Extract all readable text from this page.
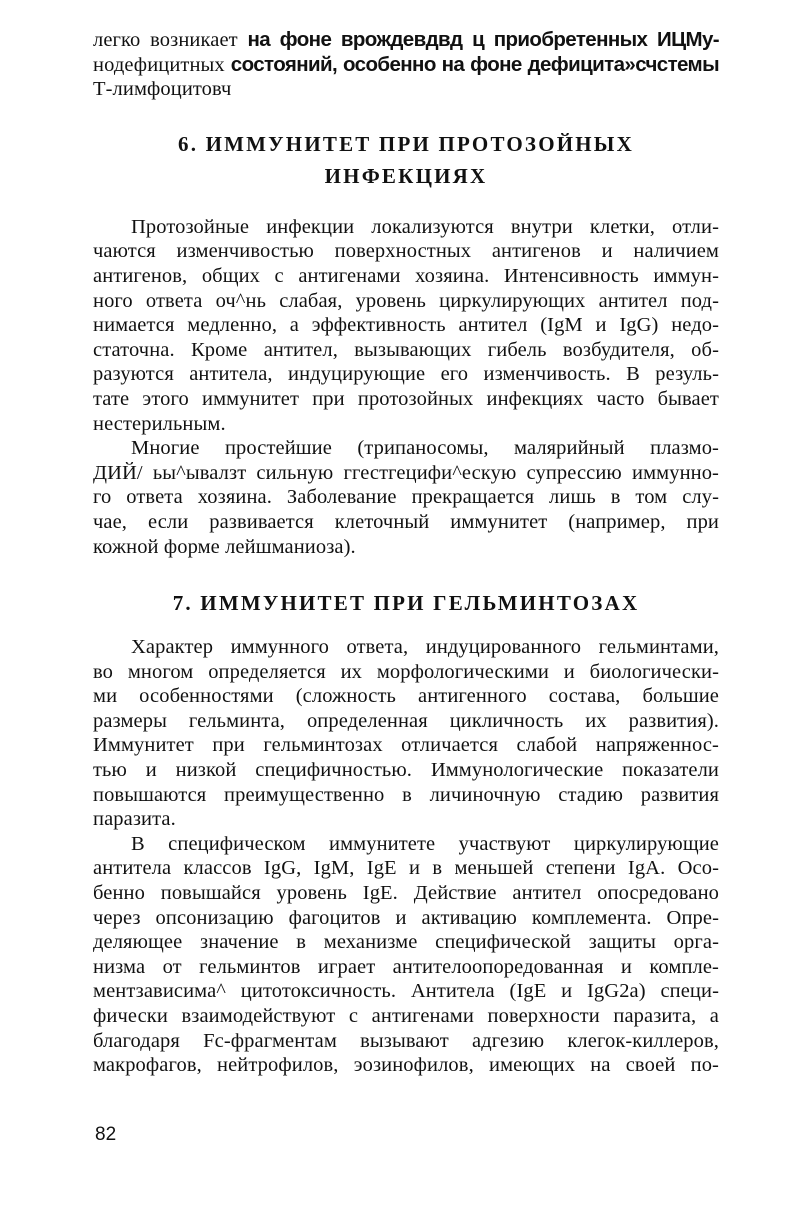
легко возникает на фоне врождевдвд ц приобретенных ИЦМу-
нодефицитных состояний, особенно на фоне дефицита»счстемы
Т-лимфоцитовч
6. ИММУНИТЕТ ПРИ ПРОТОЗОЙНЫХ
ИНФЕКЦИЯХ
Протозойные инфекции локализуются внутри клетки, отли-
чаются изменчивостью поверхностных антигенов и наличием
антигенов, общих с антигенами хозяина. Интенсивность иммун-
ного ответа оч^нь слабая, уровень циркулирующих антител под-
нимается медленно, а эффективность антител (IgM и IgG) недо-
статочна. Кроме антител, вызывающих гибель возбудителя, об-
разуются антитела, индуцирующие его изменчивость. В резуль-
тате этого иммунитет при протозойных инфекциях часто бывает
нестерильным.
Многие простейшие (трипаносомы, малярийный плазмо-
ДИЙ/ ьы^ывалзт сильную ггестгецифи^ескую супрессию иммунно-
го ответа хозяина. Заболевание прекращается лишь в том слу-
чае, если развивается клеточный иммунитет (например, при
кожной форме лейшманиоза).
7. ИММУНИТЕТ ПРИ ГЕЛЬМИНТОЗАХ
Характер иммунного ответа, индуцированного гельминтами,
во многом определяется их морфологическими и биологически-
ми особенностями (сложность антигенного состава, большие
размеры гельминта, определенная цикличность их развития).
Иммунитет при гельминтозах отличается слабой напряженнос-
тью и низкой специфичностью. Иммунологические показатели
повышаются преимущественно в личиночную стадию развития
паразита.
В специфическом иммунитете участвуют циркулирующие
антитела классов IgG, IgM, IgE и в меньшей степени IgA. Осо-
бенно повышайся уровень IgE. Действие антител опосредовано
через опсонизацию фагоцитов и активацию комплемента. Опре-
деляющее значение в механизме специфической защиты орга-
низма от гельминтов играет антителоопоредованная и компле-
ментзависима^ цитотоксичность. Антитела (IgE и IgG2a) специ-
фически взаимодействуют с антигенами поверхности паразита, а
благодаря Fc-фрагментам вызывают адгезию клегок-киллеров,
макрофагов, нейтрофилов, эозинофилов, имеющих на своей по-
82
